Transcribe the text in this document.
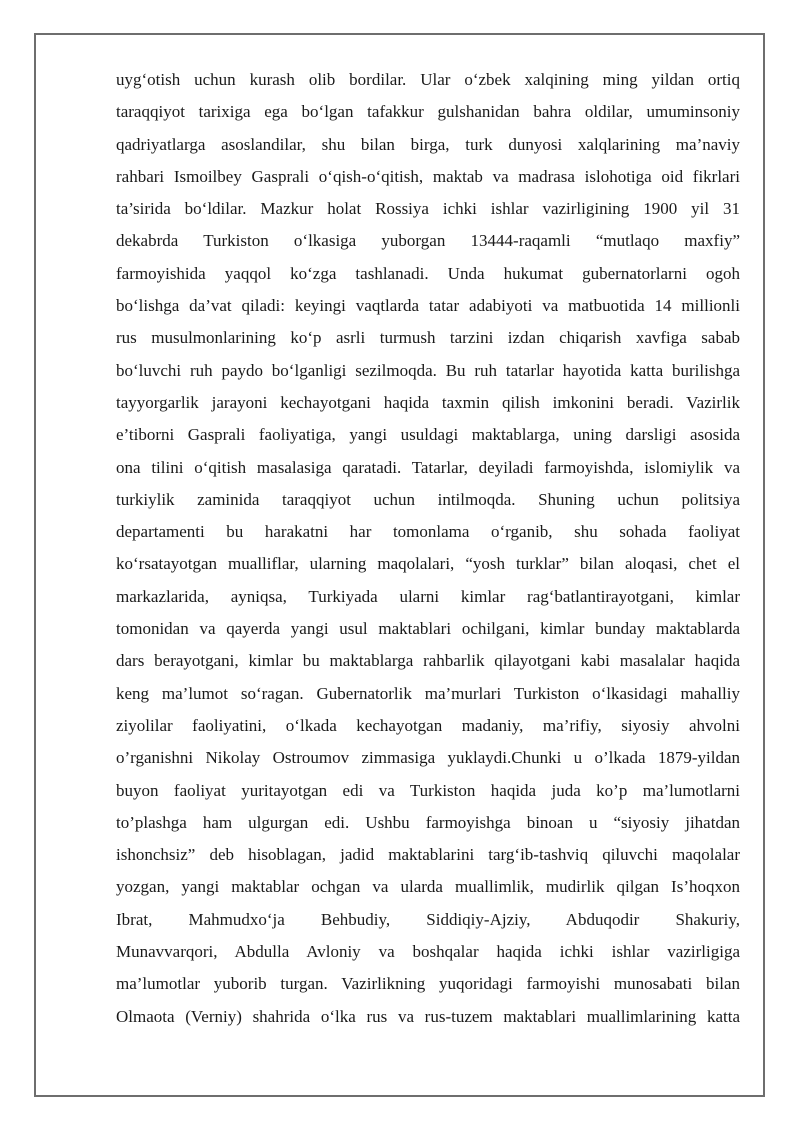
uyg‘otish uchun kurash olib bordilar. Ular o‘zbek xalqining ming yildan ortiq
taraqqiyot tarixiga ega bo‘lgan tafakkur gulshanidan bahra oldilar, umuminsoniy
qadriyatlarga asoslandilar, shu bilan birga, turk dunyosi xalqlarining ma’naviy
rahbari Ismoilbey Gasprali o‘qish-o‘qitish, maktab va madrasa islohotiga oid fikrlari
ta’sirida bo‘ldilar. Mazkur holat Rossiya ichki ishlar vazirligining 1900 yil 31
dekabrda Turkiston o‘lkasiga yuborgan 13444-raqamli “mutlaqo maxfiy”
farmoyishida yaqqol ko‘zga tashlanadi. Unda hukumat gubernatorlarni ogoh
bo‘lishga da’vat qiladi: keyingi vaqtlarda tatar adabiyoti va matbuotida 14 millionli
rus musulmonlarining ko‘p asrli turmush tarzini izdan chiqarish xavfiga sabab
bo‘luvchi ruh paydo bo‘lganligi sezilmoqda. Bu ruh tatarlar hayotida katta burilishga
tayyorgarlik jarayoni kechayotgani haqida taxmin qilish imkonini beradi. Vazirlik
e’tiborni Gasprali faoliyatiga, yangi usuldagi maktablarga, uning darsligi asosida
ona tilini o‘qitish masalasiga qaratadi. Tatarlar, deyiladi farmoyishda, islomiylik va
turkiylik zaminida taraqqiyot uchun intilmoqda. Shuning uchun politsiya
departamenti bu harakatni har tomonlama o‘rganib, shu sohada faoliyat
ko‘rsatayotgan mualliflar, ularning maqolalari, “yosh turklar” bilan aloqasi, chet el
markazlarida, ayniqsa, Turkiyada ularni kimlar rag‘batlantirayotgani, kimlar
tomonidan va qayerda yangi usul maktablari ochilgani, kimlar bunday maktablarda
dars berayotgani, kimlar bu maktablarga rahbarlik qilayotgani kabi masalalar haqida
keng ma’lumot so‘ragan. Gubernatorlik ma’murlari Turkiston o‘lkasidagi mahalliy
ziyolilar faoliyatini, o‘lkada kechayotgan madaniy, ma’rifiy, siyosiy ahvolni
o’rganishni Nikolay Ostroumov zimmasiga yuklaydi.Chunki u o’lkada 1879-yildan
buyon faoliyat yuritayotgan edi va Turkiston haqida juda ko’p ma’lumotlarni
to’plashga ham ulgurgan edi. Ushbu farmoyishga binoan u “siyosiy jihatdan
ishonchsiz” deb hisoblagan, jadid maktablarini targ‘ib-tashviq qiluvchi maqolalar
yozgan, yangi maktablar ochgan va ularda muallimlik, mudirlik qilgan Is’hoqxon
Ibrat, Mahmudxo‘ja Behbudiy, Siddiqiy-Ajziy, Abduqodir Shakuriy,
Munavvarqori, Abdulla Avloniy va boshqalar haqida ichki ishlar vazirligiga
ma’lumotlar yuborib turgan. Vazirlikning yuqoridagi farmoyishi munosabati bilan
Olmaota (Verniy) shahrida o‘lka rus va rus-tuzem maktablari muallimlarining katta
